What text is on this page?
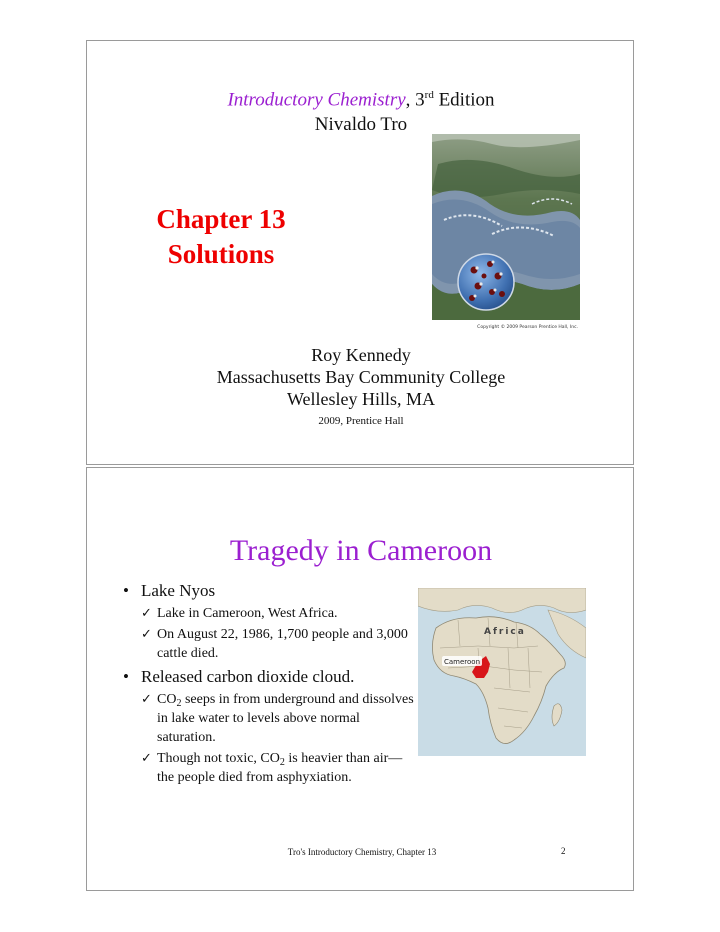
Introductory Chemistry, 3rd Edition
Nivaldo Tro
Chapter 13
Solutions
Copyright © 2009 Pearson Prentice Hall, Inc.
Roy Kennedy
Massachusetts Bay Community College
Wellesley Hills, MA
2009, Prentice Hall
Tragedy in Cameroon
• Lake Nyos
✓ Lake in Cameroon, West Africa.
✓ On August 22, 1986, 1,700 people and 3,000 cattle died.
• Released carbon dioxide cloud.
✓ $CO_2$ seeps in from underground and dissolves in lake water to levels above normal saturation.
✓ Though not toxic, $CO_2$ is heavier than air—the people died from asphyxiation.
Africa
Cameroon
Tro's Introductory Chemistry, Chapter 13	2
